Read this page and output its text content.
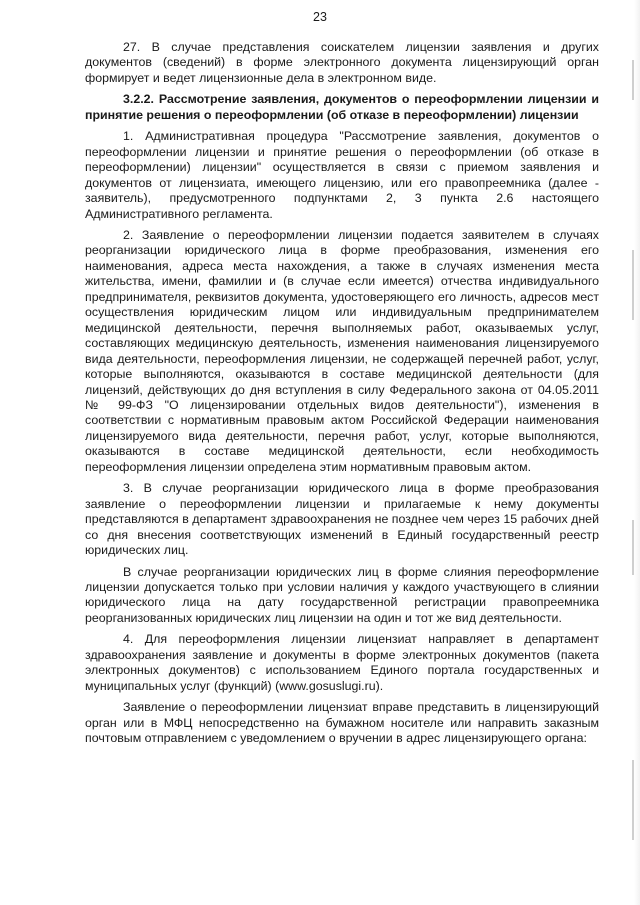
23

27. В случае представления соискателем лицензии заявления и других документов (сведений) в форме электронного документа лицензирующий орган формирует и ведет лицензионные дела в электронном виде.

3.2.2. Рассмотрение заявления, документов о переоформлении лицензии и принятие решения о переоформлении (об отказе в переоформлении) лицензии

1. Административная процедура "Рассмотрение заявления, документов о переоформлении лицензии и принятие решения о переоформлении (об отказе в переоформлении) лицензии" осуществляется в связи с приемом заявления и документов от лицензиата, имеющего лицензию, или его правопреемника (далее - заявитель), предусмотренного подпунктами 2, 3 пункта 2.6 настоящего Административного регламента.

2. Заявление о переоформлении лицензии подается заявителем в случаях реорганизации юридического лица в форме преобразования, изменения его наименования, адреса места нахождения, а также в случаях изменения места жительства, имени, фамилии и (в случае если имеется) отчества индивидуального предпринимателя, реквизитов документа, удостоверяющего его личность, адресов мест осуществления юридическим лицом или индивидуальным предпринимателем медицинской деятельности, перечня выполняемых работ, оказываемых услуг, составляющих медицинскую деятельность, изменения наименования лицензируемого вида деятельности, переоформления лицензии, не содержащей перечней работ, услуг, которые выполняются, оказываются в составе медицинской деятельности (для лицензий, действующих до дня вступления в силу Федерального закона от 04.05.2011 № 99-ФЗ "О лицензировании отдельных видов деятельности"), изменения в соответствии с нормативным правовым актом Российской Федерации наименования лицензируемого вида деятельности, перечня работ, услуг, которые выполняются, оказываются в составе медицинской деятельности, если необходимость переоформления лицензии определена этим нормативным правовым актом.

3. В случае реорганизации юридического лица в форме преобразования заявление о переоформлении лицензии и прилагаемые к нему документы представляются в департамент здравоохранения не позднее чем через 15 рабочих дней со дня внесения соответствующих изменений в Единый государственный реестр юридических лиц.

В случае реорганизации юридических лиц в форме слияния переоформление лицензии допускается только при условии наличия у каждого участвующего в слиянии юридического лица на дату государственной регистрации правопреемника реорганизованных юридических лиц лицензии на один и тот же вид деятельности.

4. Для переоформления лицензии лицензиат направляет в департамент здравоохранения заявление и документы в форме электронных документов (пакета электронных документов) с использованием Единого портала государственных и муниципальных услуг (функций) (www.gosuslugi.ru).

Заявление о переоформлении лицензиат вправе представить в лицензирующий орган или в МФЦ непосредственно на бумажном носителе или направить заказным почтовым отправлением с уведомлением о вручении в адрес лицензирующего органа:
